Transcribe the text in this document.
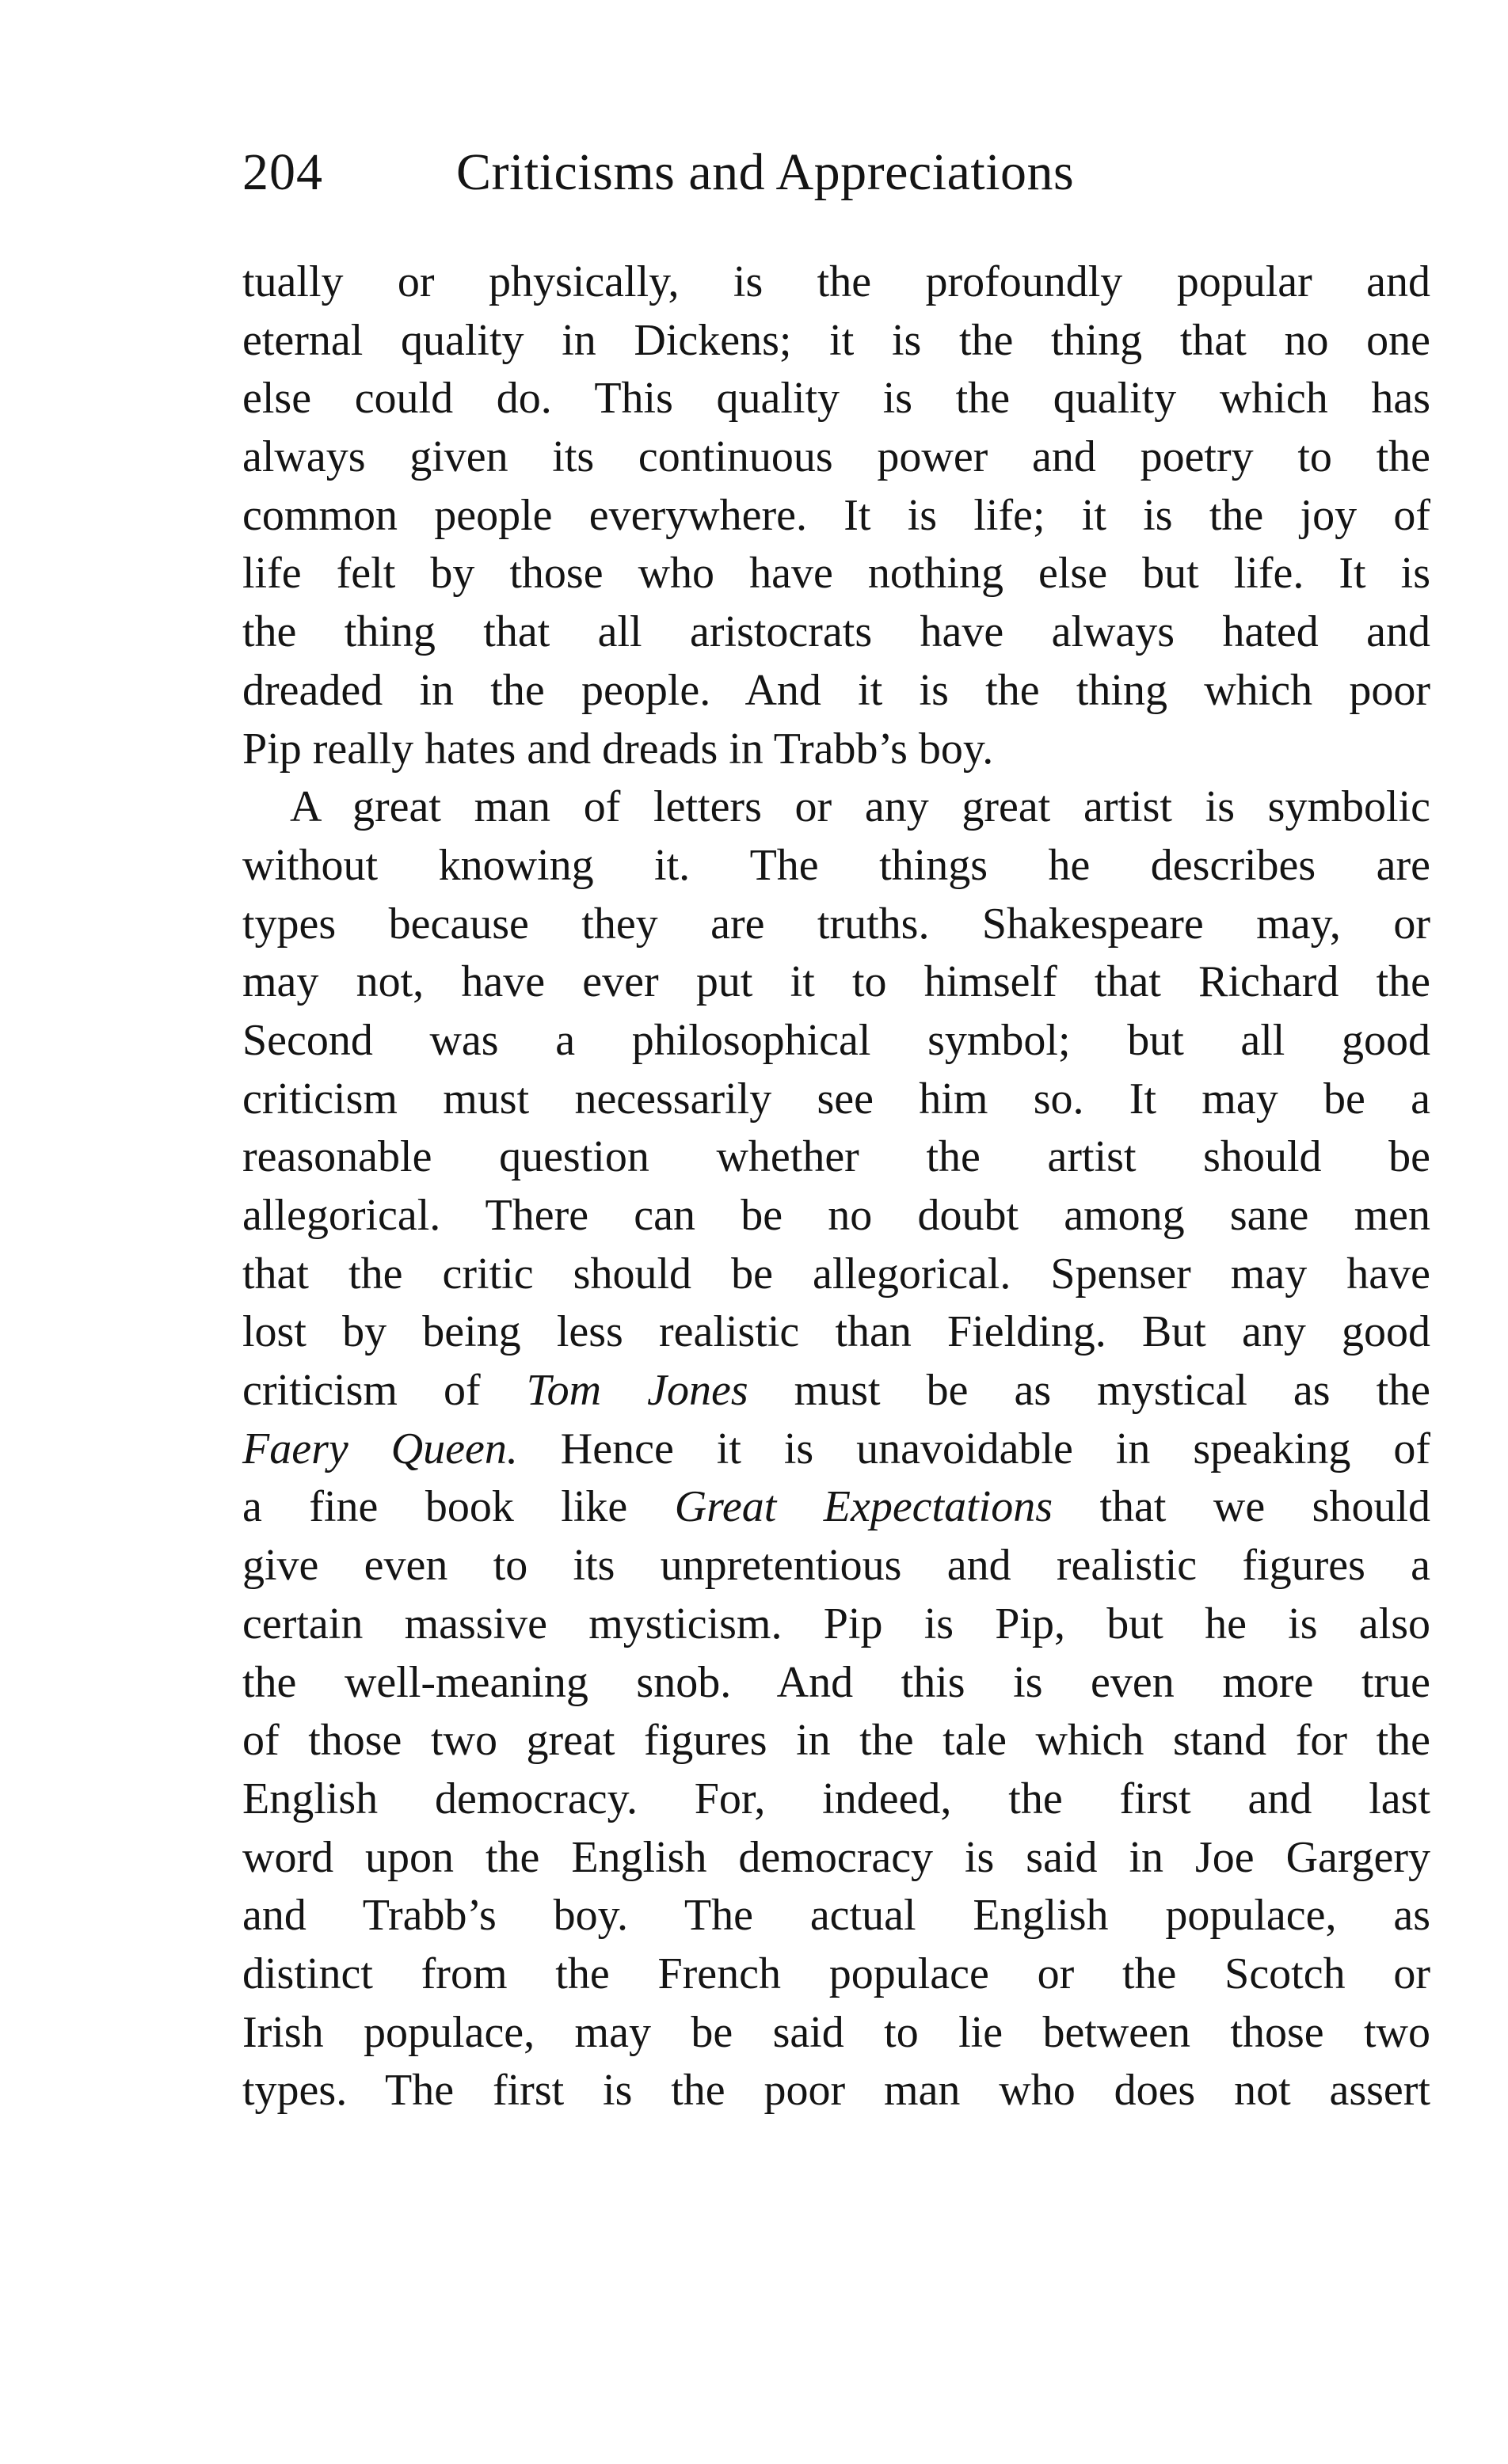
204	Criticisms and Appreciations
tually or physically, is the profoundly popular and
eternal quality in Dickens; it is the thing that no one
else could do. This quality is the quality which has
always given its continuous power and poetry to the
common people everywhere. It is life; it is the joy of
life felt by those who have nothing else but life. It is
the thing that all aristocrats have always hated and
dreaded in the people. And it is the thing which poor
Pip really hates and dreads in Trabb’s boy.
A great man of letters or any great artist is symbolic
without knowing it. The things he describes are
types because they are truths. Shakespeare may, or
may not, have ever put it to himself that Richard the
Second was a philosophical symbol; but all good
criticism must necessarily see him so. It may be a
reasonable question whether the artist should be
allegorical. There can be no doubt among sane men
that the critic should be allegorical. Spenser may have
lost by being less realistic than Fielding. But any good
criticism of Tom Jones must be as mystical as the
Faery Queen. Hence it is unavoidable in speaking of
a fine book like Great Expectations that we should
give even to its unpretentious and realistic figures a
certain massive mysticism. Pip is Pip, but he is also
the well-meaning snob. And this is even more true
of those two great figures in the tale which stand for the
English democracy. For, indeed, the first and last
word upon the English democracy is said in Joe Gargery
and Trabb’s boy. The actual English populace, as
distinct from the French populace or the Scotch or
Irish populace, may be said to lie between those two
types. The first is the poor man who does not assert
